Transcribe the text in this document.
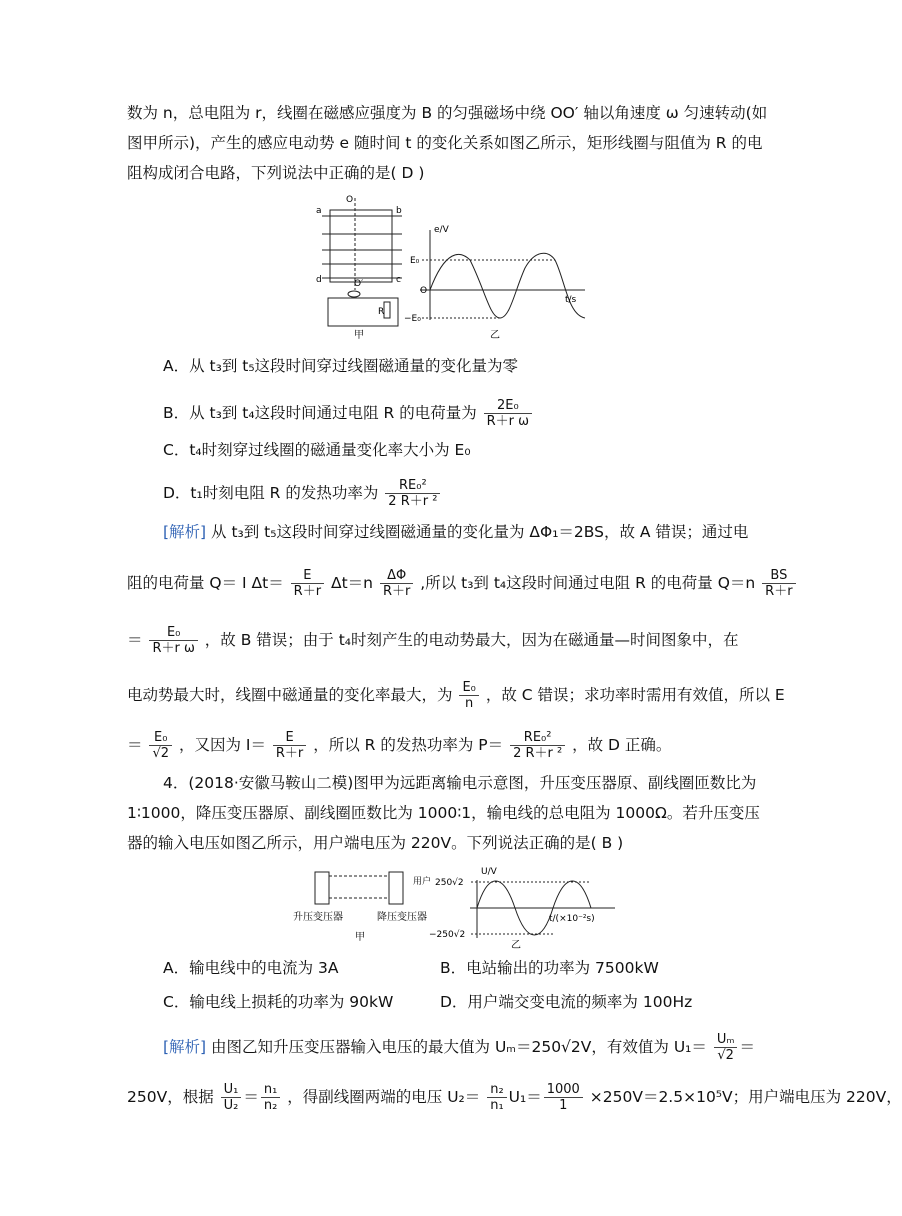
数为 n，总电阻为 r，线圈在磁感应强度为 B 的匀强磁场中绕 OO′ 轴以角速度 ω 匀速转动(如
图甲所示)，产生的感应电动势 e 随时间 t 的变化关系如图乙所示，矩形线圈与阻值为 R 的电
阻构成闭合电路，下列说法中正确的是( D )
a	b
d	c
O
O′
R
甲
e/V
t/s
E₀
−E₀
O
乙
A．从 t₃到 t₅这段时间穿过线圈磁通量的变化量为零
B．从 t₃到 t₄这段时间通过电阻 R 的电荷量为 $\frac{\text{2E₀}}{\text{R＋r ω}}$
C．t₄时刻穿过线圈的磁通量变化率大小为 E₀
D．t₁时刻电阻 R 的发热功率为 $\frac{\text{RE₀²}}{\text{2 R＋r ²}}$
[解析] 从 t₃到 t₅这段时间穿过线圈磁通量的变化量为 ΔΦ₁＝2BS，故 A 错误；通过电
阻的电荷量 Q＝ I $\Delta t= \frac{E}{R+r} \Delta t=n \frac{\Delta\Phi}{R+r}$ ,所以 t₃到 t₄这段时间通过电阻 R 的电荷量 $Q=n \frac{BS}{R+r}$
＝ $\frac{\text{E₀}}{\text{R＋r ω}}$ ，故 B 错误；由于 t₄时刻产生的电动势最大，因为在磁通量—时间图象中，在
电动势最大时，线圈中磁通量的变化率最大，为 $\frac{\text{E₀}}{n}$ ，故 C 错误；求功率时需用有效值，所以 E
＝ $\frac{\text{E₀}}{√2}$ ，又因为 $I= \frac{E}{R+r}$ ，所以 R 的发热功率为 $P= \frac{\text{RE₀²}}{\text{2 R＋r ²}}$ ，故 D 正确。
4．(2018·安徽马鞍山二模)图甲为远距离输电示意图，升压变压器原、副线圈匝数比为
1∶1000，降压变压器原、副线圈匝数比为 1000∶1，输电线的总电阻为 1000Ω。若升压变压
器的输入电压如图乙所示，用户端电压为 220V。下列说法正确的是( B )
升压变压器	降压变压器
用户
甲
U/V
250√2
−250√2
t/(×10⁻²s)
乙
A．输电线中的电流为 3A	B．电站输出的功率为 7500kW
C．输电线上损耗的功率为 90kW	D．用户端交变电流的频率为 100Hz
[解析] 由图乙知升压变压器输入电压的最大值为 Uₘ＝250√2V，有效值为 $U_1= \frac{\text{Uₘ}}{√2}$ ＝
250V，根据 $\frac{\text{U₁}}{\text{U₂}} = \frac{\text{n₁}}{\text{n₂}}$ ，得副线圈两端的电压 $U_2= \frac{\text{n₂}}{\text{n₁}} U_1= \frac{1000}{1} \times 250V=2.5\times 10^5V$；用户端电压为 220V，
